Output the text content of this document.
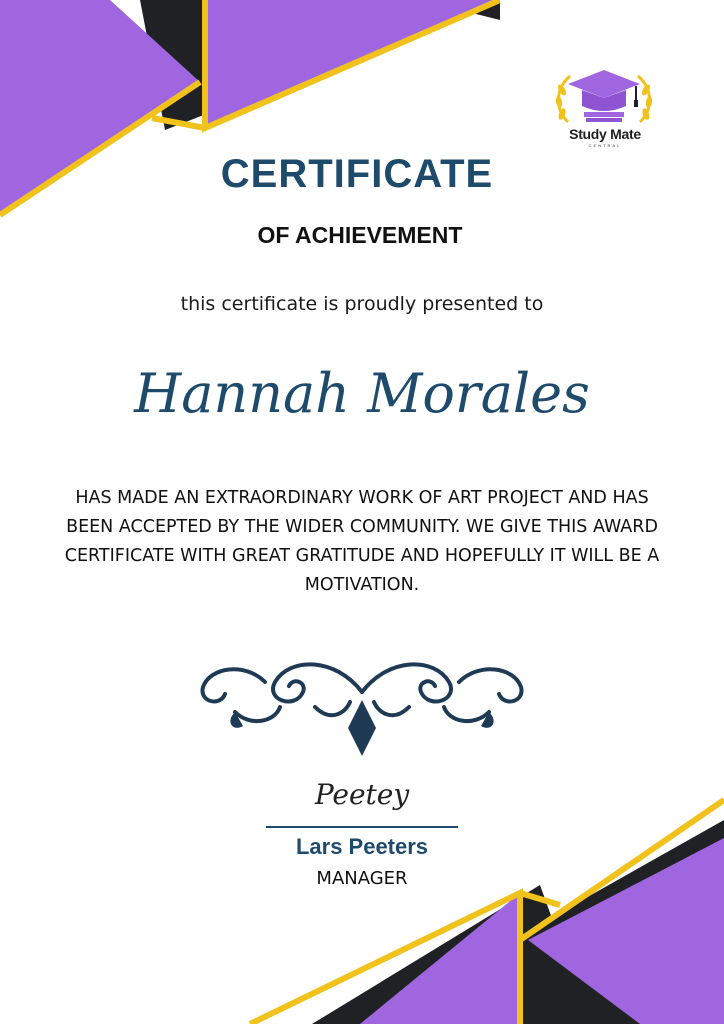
Study Mate
CENTRAL
CERTIFICATE
OF ACHIEVEMENT
this certificate is proudly presented to
Hannah Morales
HAS MADE AN EXTRAORDINARY WORK OF ART PROJECT AND HAS BEEN ACCEPTED BY THE WIDER COMMUNITY. WE GIVE THIS AWARD CERTIFICATE WITH GREAT GRATITUDE AND HOPEFULLY IT WILL BE A MOTIVATION.
Peetey
Lars Peeters
MANAGER
